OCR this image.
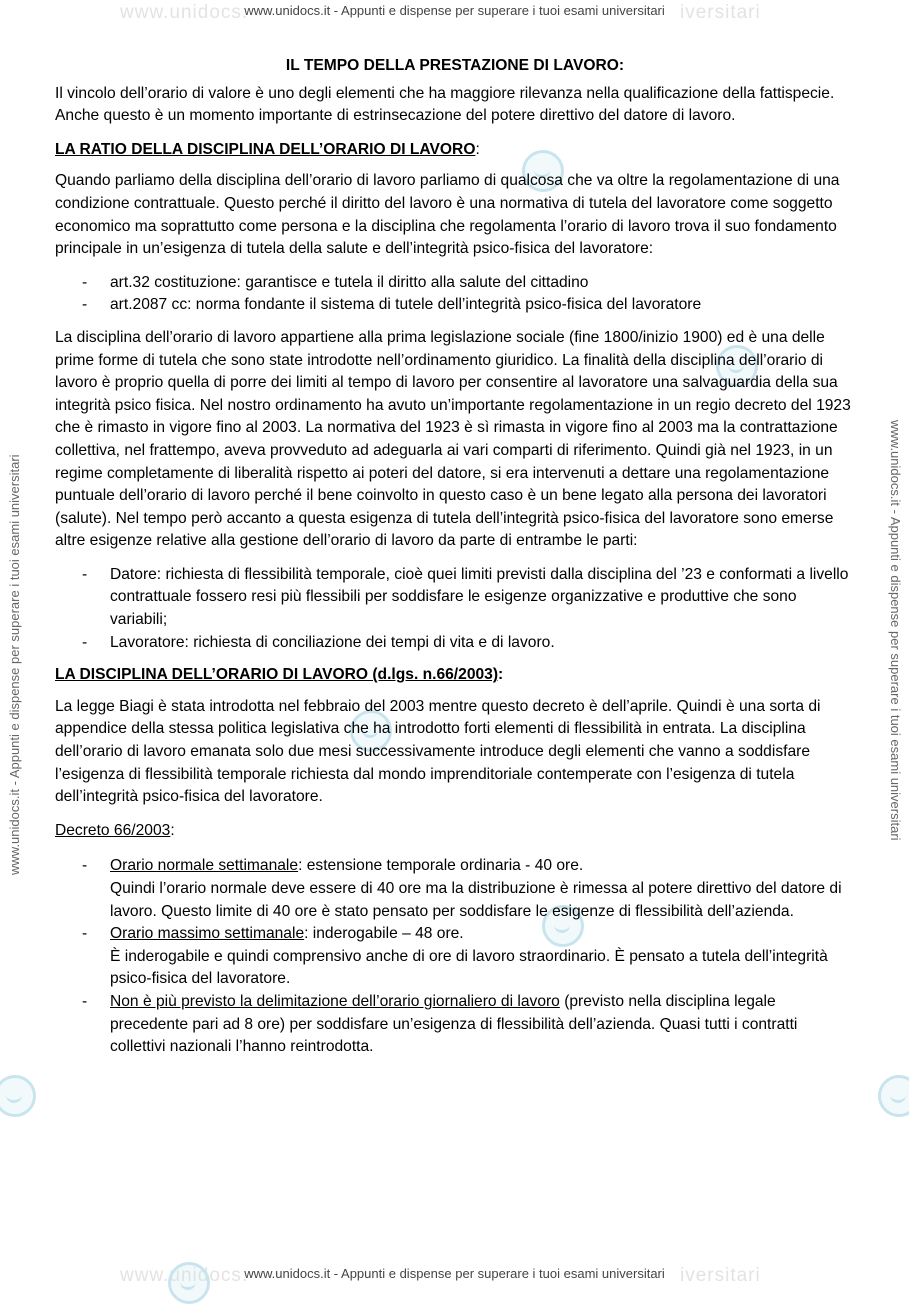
www.unidocs.	iversitari
www.unidocs.it - Appunti e dispense per superare i tuoi esami universitari
www.unidocs.	iversitari
www.unidocs.it - Appunti e dispense per superare i tuoi esami universitari
www.unidocs.it - Appunti e dispense per superare i tuoi esami universitari	www.unidocs.it - Appunti e dispense per superare i tuoi esami universitari
IL TEMPO DELLA PRESTAZIONE DI LAVORO:

Il vincolo dell’orario di valore è uno degli elementi che ha maggiore rilevanza nella qualificazione della fattispecie. Anche questo è un momento importante di estrinsecazione del potere direttivo del datore di lavoro.

LA RATIO DELLA DISCIPLINA DELL’ORARIO DI LAVORO:

Quando parliamo della disciplina dell’orario di lavoro parliamo di qualcosa che va oltre la regolamentazione di una condizione contrattuale. Questo perché il diritto del lavoro è una normativa di tutela del lavoratore come soggetto economico ma soprattutto come persona e la disciplina che regolamenta l’orario di lavoro trova il suo fondamento principale in un’esigenza di tutela della salute e dell’integrità psico-fisica del lavoratore:

- art.32 costituzione: garantisce e tutela il diritto alla salute del cittadino
- art.2087 cc: norma fondante il sistema di tutele dell’integrità psico-fisica del lavoratore

La disciplina dell’orario di lavoro appartiene alla prima legislazione sociale (fine 1800/inizio 1900) ed è una delle prime forme di tutela che sono state introdotte nell’ordinamento giuridico. La finalità della disciplina dell’orario di lavoro è proprio quella di porre dei limiti al tempo di lavoro per consentire al lavoratore una salvaguardia della sua integrità psico fisica. Nel nostro ordinamento ha avuto un’importante regolamentazione in un regio decreto del 1923 che è rimasto in vigore fino al 2003. La normativa del 1923 è sì rimasta in vigore fino al 2003 ma la contrattazione collettiva, nel frattempo, aveva provveduto ad adeguarla ai vari comparti di riferimento. Quindi già nel 1923, in un regime completamente di liberalità rispetto ai poteri del datore, si era intervenuti a dettare una regolamentazione puntuale dell’orario di lavoro perché il bene coinvolto in questo caso è un bene legato alla persona dei lavoratori (salute). Nel tempo però accanto a questa esigenza di tutela dell’integrità psico-fisica del lavoratore sono emerse altre esigenze relative alla gestione dell’orario di lavoro da parte di entrambe le parti:

- Datore: richiesta di flessibilità temporale, cioè quei limiti previsti dalla disciplina del ’23 e conformati a livello contrattuale fossero resi più flessibili per soddisfare le esigenze organizzative e produttive che sono variabili;
- Lavoratore: richiesta di conciliazione dei tempi di vita e di lavoro.
LA DISCIPLINA DELL’ORARIO DI LAVORO (d.lgs. n.66/2003):

La legge Biagi è stata introdotta nel febbraio del 2003 mentre questo decreto è dell’aprile. Quindi è una sorta di appendice della stessa politica legislativa che ha introdotto forti elementi di flessibilità in entrata. La disciplina dell’orario di lavoro emanata solo due mesi successivamente introduce degli elementi che vanno a soddisfare l’esigenza di flessibilità temporale richiesta dal mondo imprenditoriale contemperate con l’esigenza di tutela dell’integrità psico-fisica del lavoratore.

Decreto 66/2003:
- Orario normale settimanale: estensione temporale ordinaria - 40 ore.
Quindi l’orario normale deve essere di 40 ore ma la distribuzione è rimessa al potere direttivo del datore di lavoro. Questo limite di 40 ore è stato pensato per soddisfare le esigenze di flessibilità dell’azienda.
- Orario massimo settimanale: inderogabile – 48 ore.
È inderogabile e quindi comprensivo anche di ore di lavoro straordinario. È pensato a tutela dell’integrità psico-fisica del lavoratore.
- Non è più previsto la delimitazione dell’orario giornaliero di lavoro (previsto nella disciplina legale precedente pari ad 8 ore) per soddisfare un’esigenza di flessibilità dell’azienda. Quasi tutti i contratti collettivi nazionali l’hanno reintrodotta.
